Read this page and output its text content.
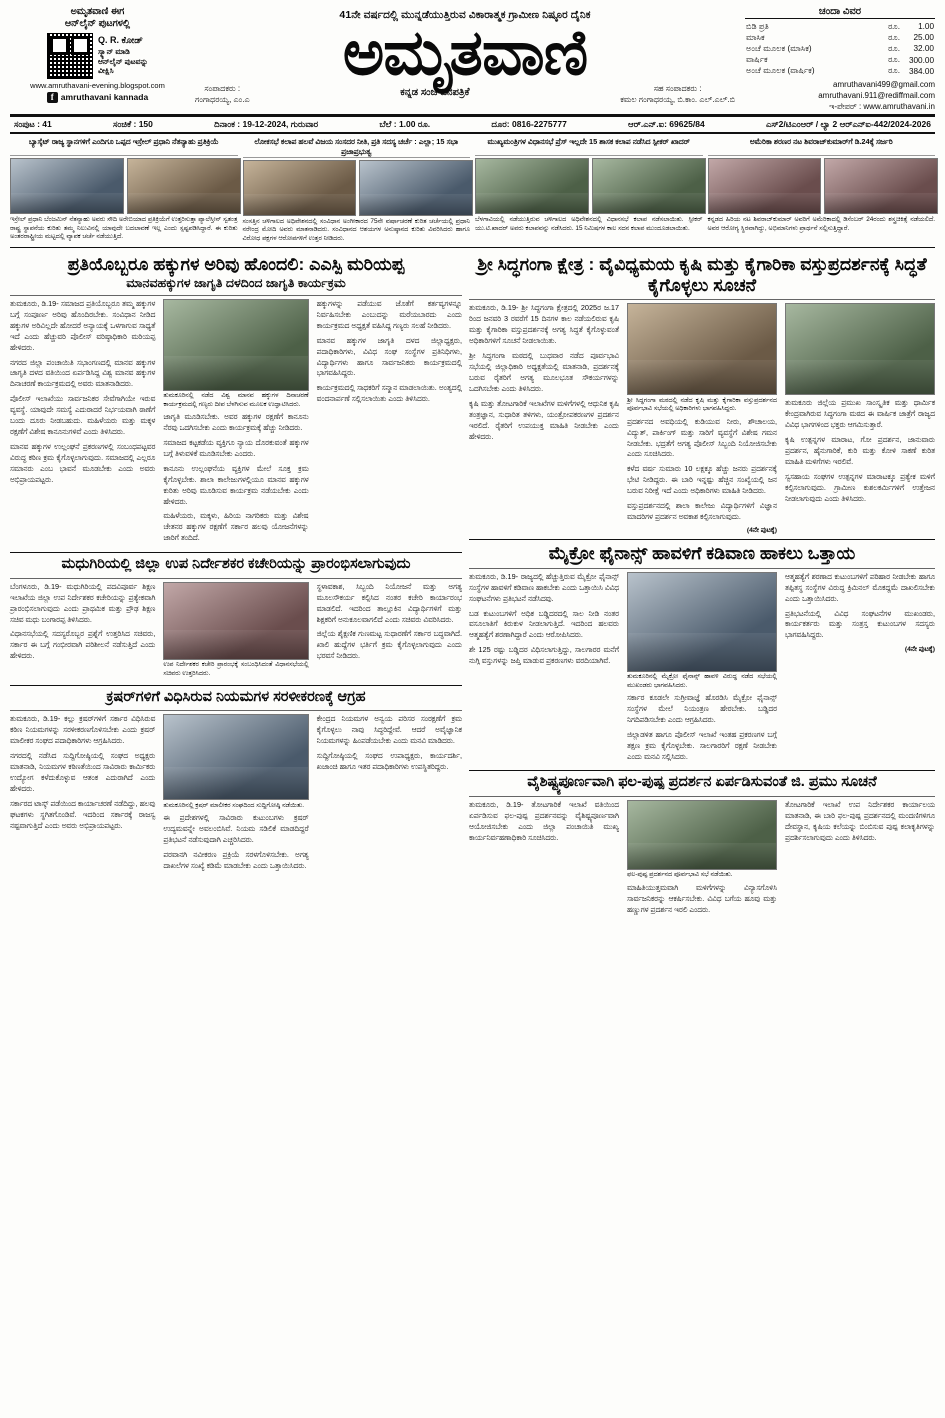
ಅಮೃತವಾಣಿ ಈಗ
ಆನ್‌ಲೈನ್ ಪುಟಗಳಲ್ಲಿ
Q. R. ಕೋಡ್
ಸ್ಕ್ಯಾನ್ ಮಾಡಿ
ಆನ್‌ಲೈನ್ ಪುಟವನ್ನು
ವೀಕ್ಷಿಸಿ
www.amruthavani-evening.blogspot.com
f amruthavani kannada
41ನೇ ವರ್ಷದಲ್ಲಿ ಮುನ್ನಡೆಯುತ್ತಿರುವ ವಿಕಾರಾತ್ಮಕ ಗ್ರಾಮೀಣ ನಿಷ್ಠೂರ ದೈನಿಕ
ಅಮೃತವಾಣಿ
ಸಂಪಾದಕರು :
ಗಂಗಾಧರಯ್ಯ, ಎಂ.ಎ
ಕನ್ನಡ ಸಂಜೆ ದಿನಪತ್ರಿಕೆ	ಸಹ ಸಂಪಾದಕರು :
ಕಮಲ ಗಂಗಾಧರಯ್ಯ, ಬಿ.ಕಾಂ. ಎಲ್.ಎಲ್.ಬಿ
ಚಂದಾ ವಿವರ
ಬಿಡಿ ಪ್ರತಿ	ರೂ.	1.00
ಮಾಸಿಕ	ರೂ.	25.00
ಅಂಚೆ ಮೂಲಕ (ಮಾಸಿಕ)	ರೂ.	32.00
ವಾರ್ಷಿಕ	ರೂ.	300.00
ಅಂಚೆ ಮೂಲಕ (ವಾರ್ಷಿಕ)	ರೂ.	384.00
amruthavani499@gmail.com
amruthavani.911@rediffmail.com
ಇ-ಪೇಪರ್ : www.amruthavani.in
ಸಂಪುಟ : 41	ಸಂಚಿಕೆ : 150	ದಿನಾಂಕ : 19-12-2024, ಗುರುವಾರ	ಬೆಲೆ : 1.00 ರೂ.	ದೂರ: 0816-2275777	ಆರ್.ಎನ್.ಐ: 69625/84	ಎಸ್‌2/ಟಿಎಂಆರ್ / ಲ್ಯಾ 2 ಆರ್‌ಎನ್‌ಐ-442/2024-2026
ಬ್ಯಾಸ್ಕೆಟ್ ರಾಜ್ಯ ಸ್ಥಾನಗಳಿಗೆ ಎಂದಿಗೂ ಒಪ್ಪದ ಇಸ್ರೇಲ್ ಪ್ರಧಾನಿ ನೆತನ್ಯಾಹು ಪ್ರತಿಕ್ರಿಯೆ
ಇಸ್ರೇಲ್ ಪ್ರಧಾನಿ ಬೆಂಜಮಿನ್ ನೆತನ್ಯಾಹು ಅವರು ಸೌದಿ ಅರೇಬಿಯಾದ ಪ್ರತಿಕ್ರಿಯೆಗೆ ಉತ್ತರಿಸುತ್ತಾ ಪ್ಯಾಲೆಸ್ತೀನ್ ಸ್ವತಂತ್ರ ರಾಷ್ಟ್ರ ಸ್ಥಾಪನೆಯ ಕುರಿತು ತಮ್ಮ ನಿಲುವಿನಲ್ಲಿ ಯಾವುದೇ ಬದಲಾವಣೆ ಇಲ್ಲ ಎಂದು ಸ್ಪಷ್ಟಪಡಿಸಿದ್ದಾರೆ. ಈ ಕುರಿತು ಅಂತರರಾಷ್ಟ್ರೀಯ ಮಟ್ಟದಲ್ಲಿ ವ್ಯಾಪಕ ಚರ್ಚೆ ನಡೆಯುತ್ತಿದೆ.
ಲೋಕಸಭೆ ಕಲಾಪ ಹಲವೆ ವಿಜಯ ಸಂಸದರ ನೀತಿ, ಪ್ರತಿ ಸದಸ್ಯ ಚರ್ಚೆ : ಎಲ್ಲಾ; 15 ಸಭಾ ಪ್ರಜಾಪ್ರಭುತ್ವ
ಸಂಸತ್ತಿನ ಚಳಿಗಾಲದ ಅಧಿವೇಶನದಲ್ಲಿ ಸಂವಿಧಾನ ಅಂಗೀಕಾರದ 75ನೇ ವರ್ಷಾಚರಣೆ ಕುರಿತ ಚರ್ಚೆಯಲ್ಲಿ ಪ್ರಧಾನಿ ನರೇಂದ್ರ ಮೋದಿ ಅವರು ಮಾತನಾಡಿದರು. ಸಂವಿಧಾನದ ಆಶಯಗಳ ಅನುಷ್ಠಾನದ ಕುರಿತು ವಿವರಿಸಿದರು ಹಾಗೂ ವಿರೋಧ ಪಕ್ಷಗಳ ಆರೋಪಗಳಿಗೆ ಉತ್ತರ ನೀಡಿದರು.
ಮುಖ್ಯಮಂತ್ರಿಗಳ ವಿಧಾನಸಭೆ ಪ್ರೆಸ್ ಇಲ್ಲದೇ 15 ಶಾಸಕ ಕಲಾಪ ನಡೆಸಿದ ಸ್ಪೀಕರ್ ಖಾದರ್
ಬೆಳಗಾವಿಯಲ್ಲಿ ನಡೆಯುತ್ತಿರುವ ಚಳಿಗಾಲದ ಅಧಿವೇಶನದಲ್ಲಿ ವಿಧಾನಸಭೆ ಕಲಾಪ ನಡೆಸಲಾಯಿತು. ಸ್ಪೀಕರ್ ಯು.ಟಿ.ಖಾದರ್ ಅವರು ಕಲಾಪವನ್ನು ನಡೆಸಿದರು. 15 ನಿಮಿಷಗಳ ಕಾಲ ಸದನ ಕಲಾಪ ಮುಂದೂಡಲಾಯಿತು.
ಅಮೆರಿಕಾ ಶರಣರ ನಟ ಶಿವರಾಜ್‌ಕುಮಾರ್‌ಗೆ ಡಿ.24ಕ್ಕೆ ಸರ್ಜರಿ
ಕನ್ನಡದ ಹಿರಿಯ ನಟ ಶಿವರಾಜ್‌ಕುಮಾರ್ ಅವರಿಗೆ ಅಮೆರಿಕಾದಲ್ಲಿ ಡಿಸೆಂಬರ್ 24ರಂದು ಶಸ್ತ್ರಚಿಕಿತ್ಸೆ ನಡೆಯಲಿದೆ. ಅವರ ಆರೋಗ್ಯ ಸ್ಥಿರವಾಗಿದ್ದು, ಅಭಿಮಾನಿಗಳು ಪ್ರಾರ್ಥನೆ ಸಲ್ಲಿಸುತ್ತಿದ್ದಾರೆ.
ಪ್ರತಿಯೊಬ್ಬರೂ ಹಕ್ಕುಗಳ ಅರಿವು ಹೊಂದಲಿ: ಎಎಸ್ಪಿ ಮರಿಯಪ್ಪ
ಮಾನವಹಕ್ಕುಗಳ ಜಾಗೃತಿ ದಳದಿಂದ ಜಾಗೃತಿ ಕಾರ್ಯಕ್ರಮ

ತುಮಕೂರು, ಡಿ.19- ಸಮಾಜದ ಪ್ರತಿಯೊಬ್ಬರೂ ತಮ್ಮ ಹಕ್ಕುಗಳ ಬಗ್ಗೆ ಸಂಪೂರ್ಣ ಅರಿವು ಹೊಂದಿರಬೇಕು. ಸಂವಿಧಾನ ನೀಡಿದ ಹಕ್ಕುಗಳ ಅರಿವಿಲ್ಲದೇ ಹೋದರೆ ಅನ್ಯಾಯಕ್ಕೆ ಒಳಗಾಗುವ ಸಾಧ್ಯತೆ ಇದೆ ಎಂದು ಹೆಚ್ಚುವರಿ ಪೊಲೀಸ್ ವರಿಷ್ಠಾಧಿಕಾರಿ ಮರಿಯಪ್ಪ ಹೇಳಿದರು.

ನಗರದ ಜಿಲ್ಲಾ ಪಂಚಾಯಿತಿ ಸಭಾಂಗಣದಲ್ಲಿ ಮಾನವ ಹಕ್ಕುಗಳ ಜಾಗೃತಿ ದಳದ ವತಿಯಿಂದ ಏರ್ಪಡಿಸಿದ್ದ ವಿಶ್ವ ಮಾನವ ಹಕ್ಕುಗಳ ದಿನಾಚರಣೆ ಕಾರ್ಯಕ್ರಮದಲ್ಲಿ ಅವರು ಮಾತನಾಡಿದರು.

ಪೊಲೀಸ್ ಇಲಾಖೆಯು ಸಾರ್ವಜನಿಕರ ಸೇವೆಗಾಗಿಯೇ ಇರುವ ವ್ಯವಸ್ಥೆ. ಯಾವುದೇ ಸಮಸ್ಯೆ ಎದುರಾದರೆ ನಿರ್ಭಯವಾಗಿ ಠಾಣೆಗೆ ಬಂದು ದೂರು ನೀಡಬಹುದು. ಮಹಿಳೆಯರು ಮತ್ತು ಮಕ್ಕಳ ರಕ್ಷಣೆಗೆ ವಿಶೇಷ ಕಾನೂನುಗಳಿವೆ ಎಂದು ತಿಳಿಸಿದರು.

ಮಾನವ ಹಕ್ಕುಗಳ ಉಲ್ಲಂಘನೆ ಪ್ರಕರಣಗಳಲ್ಲಿ ಸಂಬಂಧಪಟ್ಟವರ ವಿರುದ್ಧ ಕಠಿಣ ಕ್ರಮ ಕೈಗೊಳ್ಳಲಾಗುವುದು. ಸಮಾಜದಲ್ಲಿ ಎಲ್ಲರೂ ಸಮಾನರು ಎಂಬ ಭಾವನೆ ಮೂಡಬೇಕು ಎಂದು ಅವರು ಅಭಿಪ್ರಾಯಪಟ್ಟರು.

ತುಮಕೂರಿನಲ್ಲಿ ನಡೆದ ವಿಶ್ವ ಮಾನವ ಹಕ್ಕುಗಳ ದಿನಾಚರಣೆ ಕಾರ್ಯಕ್ರಮದಲ್ಲಿ ಗಣ್ಯರು ದೀಪ ಬೆಳಗಿಸುವ ಮೂಲಕ ಉದ್ಘಾಟಿಸಿದರು.

ಜಾಗೃತಿ ಮೂಡಿಸಬೇಕು. ಅವರ ಹಕ್ಕುಗಳ ರಕ್ಷಣೆಗೆ ಕಾನೂನು ನೆರವು ಒದಗಿಸಬೇಕು ಎಂದು ಕಾರ್ಯಕ್ರಮಕ್ಕೆ ಹೆಚ್ಚು ನೀಡಿದರು.

ಸಮಾಜದ ಕಟ್ಟಕಡೆಯ ವ್ಯಕ್ತಿಗೂ ನ್ಯಾಯ ದೊರಕುವಂತೆ ಹಕ್ಕುಗಳ ಬಗ್ಗೆ ತಿಳುವಳಿಕೆ ಮೂಡಿಸಬೇಕು ಎಂದರು.

ಕಾನೂನು ಉಲ್ಲಂಘನೆಯ ವ್ಯಕ್ತಿಗಳ ಮೇಲೆ ಸೂಕ್ತ ಕ್ರಮ ಕೈಗೊಳ್ಳಬೇಕು. ಶಾಲಾ ಕಾಲೇಜುಗಳಲ್ಲಿಯೂ ಮಾನವ ಹಕ್ಕುಗಳ ಕುರಿತು ಅರಿವು ಮೂಡಿಸುವ ಕಾರ್ಯಕ್ರಮ ನಡೆಯಬೇಕು ಎಂದು ಹೇಳಿದರು.

ಮಹಿಳೆಯರು, ಮಕ್ಕಳು, ಹಿರಿಯ ನಾಗರಿಕರು ಮತ್ತು ವಿಶೇಷ ಚೇತನರ ಹಕ್ಕುಗಳ ರಕ್ಷಣೆಗೆ ಸರ್ಕಾರ ಹಲವು ಯೋಜನೆಗಳನ್ನು ಜಾರಿಗೆ ತಂದಿದೆ.

ಹಕ್ಕುಗಳನ್ನು ಪಡೆಯುವ ಜೊತೆಗೆ ಕರ್ತವ್ಯಗಳನ್ನೂ ನಿರ್ವಹಿಸಬೇಕು ಎಂಬುದನ್ನು ಮರೆಯಬಾರದು ಎಂದು ಕಾರ್ಯಕ್ರಮದ ಅಧ್ಯಕ್ಷತೆ ವಹಿಸಿದ್ದ ಗಣ್ಯರು ಸಲಹೆ ನೀಡಿದರು.

ಮಾನವ ಹಕ್ಕುಗಳ ಜಾಗೃತಿ ದಳದ ಜಿಲ್ಲಾಧ್ಯಕ್ಷರು, ಪದಾಧಿಕಾರಿಗಳು, ವಿವಿಧ ಸಂಘ ಸಂಸ್ಥೆಗಳ ಪ್ರತಿನಿಧಿಗಳು, ವಿದ್ಯಾರ್ಥಿಗಳು ಹಾಗೂ ಸಾರ್ವಜನಿಕರು ಕಾರ್ಯಕ್ರಮದಲ್ಲಿ ಭಾಗವಹಿಸಿದ್ದರು.

ಕಾರ್ಯಕ್ರಮದಲ್ಲಿ ಸಾಧಕರಿಗೆ ಸನ್ಮಾನ ಮಾಡಲಾಯಿತು. ಅಂತ್ಯದಲ್ಲಿ ವಂದನಾರ್ಪಣೆ ಸಲ್ಲಿಸಲಾಯಿತು ಎಂದು ತಿಳಿಸಿದರು.

ಮಧುಗಿರಿಯಲ್ಲಿ ಜಿಲ್ಲಾ ಉಪ ನಿರ್ದೇಶಕರ ಕಚೇರಿಯನ್ನು ಪ್ರಾರಂಭಿಸಲಾಗುವುದು

ಬೆಂಗಳೂರು, ಡಿ.19- ಮಧುಗಿರಿಯಲ್ಲಿ ಪದವಿಪೂರ್ವ ಶಿಕ್ಷಣ ಇಲಾಖೆಯ ಜಿಲ್ಲಾ ಉಪ ನಿರ್ದೇಶಕರ ಕಚೇರಿಯನ್ನು ಪ್ರತ್ಯೇಕವಾಗಿ ಪ್ರಾರಂಭಿಸಲಾಗುವುದು ಎಂದು ಪ್ರಾಥಮಿಕ ಮತ್ತು ಪ್ರೌಢ ಶಿಕ್ಷಣ ಸಚಿವ ಮಧು ಬಂಗಾರಪ್ಪ ತಿಳಿಸಿದರು.

ವಿಧಾನಸಭೆಯಲ್ಲಿ ಸದಸ್ಯರೊಬ್ಬರ ಪ್ರಶ್ನೆಗೆ ಉತ್ತರಿಸಿದ ಸಚಿವರು, ಸರ್ಕಾರ ಈ ಬಗ್ಗೆ ಗಂಭೀರವಾಗಿ ಪರಿಶೀಲನೆ ನಡೆಸುತ್ತಿದೆ ಎಂದು ಹೇಳಿದರು.

ಉಪ ನಿರ್ದೇಶಕರ ಕಚೇರಿ ಪ್ರಾರಂಭಕ್ಕೆ ಸಂಬಂಧಿಸಿದಂತೆ ವಿಧಾನಸಭೆಯಲ್ಲಿ ಸಚಿವರು ಉತ್ತರಿಸಿದರು.

ಸ್ಥಳಾವಕಾಶ, ಸಿಬ್ಬಂದಿ ನಿಯೋಜನೆ ಮತ್ತು ಅಗತ್ಯ ಮೂಲಸೌಕರ್ಯ ಕಲ್ಪಿಸಿದ ನಂತರ ಕಚೇರಿ ಕಾರ್ಯಾರಂಭ ಮಾಡಲಿದೆ. ಇದರಿಂದ ತಾಲ್ಲೂಕಿನ ವಿದ್ಯಾರ್ಥಿಗಳಿಗೆ ಮತ್ತು ಶಿಕ್ಷಕರಿಗೆ ಅನುಕೂಲವಾಗಲಿದೆ ಎಂದು ಸಚಿವರು ವಿವರಿಸಿದರು.

ಜಿಲ್ಲೆಯ ಶೈಕ್ಷಣಿಕ ಗುಣಮಟ್ಟ ಸುಧಾರಣೆಗೆ ಸರ್ಕಾರ ಬದ್ಧವಾಗಿದೆ. ಖಾಲಿ ಹುದ್ದೆಗಳ ಭರ್ತಿಗೆ ಕ್ರಮ ಕೈಗೊಳ್ಳಲಾಗುವುದು ಎಂದು ಭರವಸೆ ನೀಡಿದರು.

ಕ್ರಷರ್‌ಗಳಿಗೆ ವಿಧಿಸಿರುವ ನಿಯಮಗಳ ಸರಳೀಕರಣಕ್ಕೆ ಆಗ್ರಹ

ತುಮಕೂರು, ಡಿ.19- ಕಲ್ಲು ಕ್ರಷರ್‌ಗಳಿಗೆ ಸರ್ಕಾರ ವಿಧಿಸಿರುವ ಕಠಿಣ ನಿಯಮಗಳನ್ನು ಸರಳೀಕರಣಗೊಳಿಸಬೇಕು ಎಂದು ಕ್ರಷರ್ ಮಾಲೀಕರ ಸಂಘದ ಪದಾಧಿಕಾರಿಗಳು ಆಗ್ರಹಿಸಿದರು.

ನಗರದಲ್ಲಿ ನಡೆಸಿದ ಸುದ್ದಿಗೋಷ್ಠಿಯಲ್ಲಿ ಸಂಘದ ಅಧ್ಯಕ್ಷರು ಮಾತನಾಡಿ, ನಿಯಮಗಳ ಕಠಿಣತೆಯಿಂದ ಸಾವಿರಾರು ಕಾರ್ಮಿಕರು ಉದ್ಯೋಗ ಕಳೆದುಕೊಳ್ಳುವ ಆತಂಕ ಎದುರಾಗಿದೆ ಎಂದು ಹೇಳಿದರು.

ಸರ್ಕಾರದ ಟಾಸ್ಕ್ ಪಡೆಯಿಂದ ಕಾರ್ಯಾಚರಣೆ ನಡೆದಿದ್ದು, ಹಲವು ಘಟಕಗಳು ಸ್ಥಗಿತಗೊಂಡಿವೆ. ಇದರಿಂದ ಸರ್ಕಾರಕ್ಕೆ ರಾಜಸ್ವ ನಷ್ಟವಾಗುತ್ತಿದೆ ಎಂದು ಅವರು ಅಭಿಪ್ರಾಯಪಟ್ಟರು.

ತುಮಕೂರಿನಲ್ಲಿ ಕ್ರಷರ್ ಮಾಲೀಕರ ಸಂಘದಿಂದ ಸುದ್ದಿಗೋಷ್ಠಿ ನಡೆಯಿತು.

ಈ ಪ್ರದೇಶಗಳಲ್ಲಿ ಸಾವಿರಾರು ಕುಟುಂಬಗಳು ಕ್ರಷರ್ ಉದ್ಯಮವನ್ನೇ ಅವಲಂಬಿಸಿವೆ. ನಿಯಮ ಸಡಿಲಿಕೆ ಮಾಡದಿದ್ದರೆ ಪ್ರತಿಭಟನೆ ನಡೆಸುವುದಾಗಿ ಎಚ್ಚರಿಸಿದರು.

ಪರವಾನಗಿ ನವೀಕರಣ ಪ್ರಕ್ರಿಯೆ ಸರಳಗೊಳಿಸಬೇಕು. ಅಗತ್ಯ ದಾಖಲೆಗಳ ಸಂಖ್ಯೆ ಕಡಿಮೆ ಮಾಡಬೇಕು ಎಂದು ಒತ್ತಾಯಿಸಿದರು.

ಕೇಂದ್ರದ ನಿಯಮಗಳ ಅನ್ವಯ ಪರಿಸರ ಸಂರಕ್ಷಣೆಗೆ ಕ್ರಮ ಕೈಗೊಳ್ಳಲು ನಾವು ಸಿದ್ಧರಿದ್ದೇವೆ. ಆದರೆ ಅವೈಜ್ಞಾನಿಕ ನಿಯಮಗಳನ್ನು ಹಿಂಪಡೆಯಬೇಕು ಎಂದು ಮನವಿ ಮಾಡಿದರು.

ಸುದ್ದಿಗೋಷ್ಠಿಯಲ್ಲಿ ಸಂಘದ ಉಪಾಧ್ಯಕ್ಷರು, ಕಾರ್ಯದರ್ಶಿ, ಖಜಾಂಚಿ ಹಾಗೂ ಇತರ ಪದಾಧಿಕಾರಿಗಳು ಉಪಸ್ಥಿತರಿದ್ದರು.

ಶ್ರೀ ಸಿದ್ಧಗಂಗಾ ಕ್ಷೇತ್ರ : ವೈವಿಧ್ಯಮಯ ಕೃಷಿ ಮತ್ತು ಕೈಗಾರಿಕಾ ವಸ್ತುಪ್ರದರ್ಶನಕ್ಕೆ ಸಿದ್ಧತೆ ಕೈಗೊಳ್ಳಲು ಸೂಚನೆ

ತುಮಕೂರು, ಡಿ.19- ಶ್ರೀ ಸಿದ್ಧಗಂಗಾ ಕ್ಷೇತ್ರದಲ್ಲಿ 2025ರ ಜ.17 ರಿಂದ ಜನವರಿ 3 ರವರೆಗೆ 15 ದಿನಗಳ ಕಾಲ ನಡೆಯಲಿರುವ ಕೃಷಿ ಮತ್ತು ಕೈಗಾರಿಕಾ ವಸ್ತುಪ್ರದರ್ಶನಕ್ಕೆ ಅಗತ್ಯ ಸಿದ್ಧತೆ ಕೈಗೊಳ್ಳುವಂತೆ ಅಧಿಕಾರಿಗಳಿಗೆ ಸೂಚನೆ ನೀಡಲಾಯಿತು.

ಶ್ರೀ ಸಿದ್ಧಗಂಗಾ ಮಠದಲ್ಲಿ ಬುಧವಾರ ನಡೆದ ಪೂರ್ವಭಾವಿ ಸಭೆಯಲ್ಲಿ ಜಿಲ್ಲಾಧಿಕಾರಿ ಅಧ್ಯಕ್ಷತೆಯಲ್ಲಿ ಮಾತನಾಡಿ, ಪ್ರದರ್ಶನಕ್ಕೆ ಬರುವ ರೈತರಿಗೆ ಅಗತ್ಯ ಮೂಲಭೂತ ಸೌಕರ್ಯಗಳನ್ನು ಒದಗಿಸಬೇಕು ಎಂದು ತಿಳಿಸಿದರು.

ಕೃಷಿ ಮತ್ತು ತೋಟಗಾರಿಕೆ ಇಲಾಖೆಗಳ ಮಳಿಗೆಗಳಲ್ಲಿ ಆಧುನಿಕ ಕೃಷಿ ತಂತ್ರಜ್ಞಾನ, ಸುಧಾರಿತ ತಳಿಗಳು, ಯಂತ್ರೋಪಕರಣಗಳ ಪ್ರದರ್ಶನ ಇರಲಿದೆ. ರೈತರಿಗೆ ಉಪಯುಕ್ತ ಮಾಹಿತಿ ನೀಡಬೇಕು ಎಂದು ಹೇಳಿದರು.

ಶ್ರೀ ಸಿದ್ಧಗಂಗಾ ಮಠದಲ್ಲಿ ನಡೆದ ಕೃಷಿ ಮತ್ತು ಕೈಗಾರಿಕಾ ವಸ್ತುಪ್ರದರ್ಶನದ ಪೂರ್ವಭಾವಿ ಸಭೆಯಲ್ಲಿ ಅಧಿಕಾರಿಗಳು ಭಾಗವಹಿಸಿದ್ದರು.

ಪ್ರದರ್ಶನದ ಅವಧಿಯಲ್ಲಿ ಕುಡಿಯುವ ನೀರು, ಶೌಚಾಲಯ, ವಿದ್ಯುತ್, ಪಾರ್ಕಿಂಗ್ ಮತ್ತು ಸಾರಿಗೆ ವ್ಯವಸ್ಥೆಗೆ ವಿಶೇಷ ಗಮನ ನೀಡಬೇಕು. ಭದ್ರತೆಗೆ ಅಗತ್ಯ ಪೊಲೀಸ್ ಸಿಬ್ಬಂದಿ ನಿಯೋಜಿಸಬೇಕು ಎಂದು ಸೂಚಿಸಿದರು.

ಕಳೆದ ವರ್ಷ ಸುಮಾರು 10 ಲಕ್ಷಕ್ಕೂ ಹೆಚ್ಚು ಜನರು ಪ್ರದರ್ಶನಕ್ಕೆ ಭೇಟಿ ನೀಡಿದ್ದರು. ಈ ಬಾರಿ ಇನ್ನಷ್ಟು ಹೆಚ್ಚಿನ ಸಂಖ್ಯೆಯಲ್ಲಿ ಜನ ಬರುವ ನಿರೀಕ್ಷೆ ಇದೆ ಎಂದು ಅಧಿಕಾರಿಗಳು ಮಾಹಿತಿ ನೀಡಿದರು.

ವಸ್ತುಪ್ರದರ್ಶನದಲ್ಲಿ ಶಾಲಾ ಕಾಲೇಜು ವಿದ್ಯಾರ್ಥಿಗಳಿಗೆ ವಿಜ್ಞಾನ ಮಾದರಿಗಳ ಪ್ರದರ್ಶನ ಅವಕಾಶ ಕಲ್ಪಿಸಲಾಗುವುದು.

(4ನೇ ಪುಟಕ್ಕೆ)

ತುಮಕೂರು ಜಿಲ್ಲೆಯ ಪ್ರಮುಖ ಸಾಂಸ್ಕೃತಿಕ ಮತ್ತು ಧಾರ್ಮಿಕ ಕೇಂದ್ರವಾಗಿರುವ ಸಿದ್ಧಗಂಗಾ ಮಠದ ಈ ವಾರ್ಷಿಕ ಜಾತ್ರೆಗೆ ರಾಜ್ಯದ ವಿವಿಧ ಭಾಗಗಳಿಂದ ಭಕ್ತರು ಆಗಮಿಸುತ್ತಾರೆ.

ಕೃಷಿ ಉತ್ಪನ್ನಗಳ ಮಾರಾಟ, ಗೋ ಪ್ರದರ್ಶನ, ಜಾನುವಾರು ಪ್ರದರ್ಶನ, ಹೈನುಗಾರಿಕೆ, ಕುರಿ ಮತ್ತು ಕೋಳಿ ಸಾಕಣೆ ಕುರಿತ ಮಾಹಿತಿ ಮಳಿಗೆಗಳು ಇರಲಿವೆ.

ಸ್ವಸಹಾಯ ಸಂಘಗಳ ಉತ್ಪನ್ನಗಳ ಮಾರಾಟಕ್ಕೂ ಪ್ರತ್ಯೇಕ ಮಳಿಗೆ ಕಲ್ಪಿಸಲಾಗುವುದು. ಗ್ರಾಮೀಣ ಕುಶಲಕರ್ಮಿಗಳಿಗೆ ಉತ್ತೇಜನ ನೀಡಲಾಗುವುದು ಎಂದು ತಿಳಿಸಿದರು.

ಮೈಕ್ರೋ ಫೈನಾನ್ಸ್ ಹಾವಳಿಗೆ ಕಡಿವಾಣ ಹಾಕಲು ಒತ್ತಾಯ

ತುಮಕೂರು, ಡಿ.19- ರಾಜ್ಯದಲ್ಲಿ ಹೆಚ್ಚುತ್ತಿರುವ ಮೈಕ್ರೋ ಫೈನಾನ್ಸ್ ಸಂಸ್ಥೆಗಳ ಹಾವಳಿಗೆ ಕಡಿವಾಣ ಹಾಕಬೇಕು ಎಂದು ಒತ್ತಾಯಿಸಿ ವಿವಿಧ ಸಂಘಟನೆಗಳು ಪ್ರತಿಭಟನೆ ನಡೆಸಿದವು.

ಬಡ ಕುಟುಂಬಗಳಿಗೆ ಅಧಿಕ ಬಡ್ಡಿದರದಲ್ಲಿ ಸಾಲ ನೀಡಿ ನಂತರ ವಸೂಲಾತಿಗೆ ಕಿರುಕುಳ ನೀಡಲಾಗುತ್ತಿದೆ. ಇದರಿಂದ ಹಲವರು ಆತ್ಮಹತ್ಯೆಗೆ ಶರಣಾಗಿದ್ದಾರೆ ಎಂದು ಆರೋಪಿಸಿದರು.

ಶೇ 125 ರಷ್ಟು ಬಡ್ಡಿದರ ವಿಧಿಸಲಾಗುತ್ತಿದ್ದು, ಸಾಲಗಾರರ ಮನೆಗೆ ನುಗ್ಗಿ ವಸ್ತುಗಳನ್ನು ಜಪ್ತಿ ಮಾಡುವ ಪ್ರಕರಣಗಳು ವರದಿಯಾಗಿವೆ.

ತುಮಕೂರಿನಲ್ಲಿ ಮೈಕ್ರೋ ಫೈನಾನ್ಸ್ ಹಾವಳಿ ವಿರುದ್ಧ ನಡೆದ ಸಭೆಯಲ್ಲಿ ಮುಖಂಡರು ಭಾಗವಹಿಸಿದರು.

ಸರ್ಕಾರ ಕೂಡಲೇ ಸುಗ್ರೀವಾಜ್ಞೆ ಹೊರಡಿಸಿ ಮೈಕ್ರೋ ಫೈನಾನ್ಸ್ ಸಂಸ್ಥೆಗಳ ಮೇಲೆ ನಿಯಂತ್ರಣ ಹೇರಬೇಕು. ಬಡ್ಡಿದರ ನಿಗದಿಪಡಿಸಬೇಕು ಎಂದು ಆಗ್ರಹಿಸಿದರು.

ಜಿಲ್ಲಾಡಳಿತ ಹಾಗೂ ಪೊಲೀಸ್ ಇಲಾಖೆ ಇಂತಹ ಪ್ರಕರಣಗಳ ಬಗ್ಗೆ ತಕ್ಷಣ ಕ್ರಮ ಕೈಗೊಳ್ಳಬೇಕು. ಸಾಲಗಾರರಿಗೆ ರಕ್ಷಣೆ ನೀಡಬೇಕು ಎಂದು ಮನವಿ ಸಲ್ಲಿಸಿದರು.

ಆತ್ಮಹತ್ಯೆಗೆ ಶರಣಾದ ಕುಟುಂಬಗಳಿಗೆ ಪರಿಹಾರ ನೀಡಬೇಕು ಹಾಗೂ ತಪ್ಪಿತಸ್ಥ ಸಂಸ್ಥೆಗಳ ವಿರುದ್ಧ ಕ್ರಿಮಿನಲ್ ಮೊಕದ್ದಮೆ ದಾಖಲಿಸಬೇಕು ಎಂದು ಒತ್ತಾಯಿಸಿದರು.

ಪ್ರತಿಭಟನೆಯಲ್ಲಿ ವಿವಿಧ ಸಂಘಟನೆಗಳ ಮುಖಂಡರು, ಕಾರ್ಯಕರ್ತರು ಮತ್ತು ಸಂತ್ರಸ್ತ ಕುಟುಂಬಗಳ ಸದಸ್ಯರು ಭಾಗವಹಿಸಿದ್ದರು.

(4ನೇ ಪುಟಕ್ಕೆ)
ವೈಶಿಷ್ಟ್ಯಪೂರ್ಣವಾಗಿ ಫಲ-ಪುಷ್ಪ ಪ್ರದರ್ಶನ ಏರ್ಪಡಿಸುವಂತೆ ಜಿ. ಪ್ರಮು ಸೂಚನೆ

ತುಮಕೂರು, ಡಿ.19- ತೋಟಗಾರಿಕೆ ಇಲಾಖೆ ವತಿಯಿಂದ ಏರ್ಪಡಿಸುವ ಫಲ-ಪುಷ್ಪ ಪ್ರದರ್ಶನವನ್ನು ವೈಶಿಷ್ಟ್ಯಪೂರ್ಣವಾಗಿ ಆಯೋಜಿಸಬೇಕು ಎಂದು ಜಿಲ್ಲಾ ಪಂಚಾಯಿತಿ ಮುಖ್ಯ ಕಾರ್ಯನಿರ್ವಹಣಾಧಿಕಾರಿ ಸೂಚಿಸಿದರು.

ಫಲ-ಪುಷ್ಪ ಪ್ರದರ್ಶನದ ಪೂರ್ವಭಾವಿ ಸಭೆ ನಡೆಯಿತು.

ಮಾಹಿತಿಯುತ್ತಮವಾಗಿ ಮಳಿಗೆಗಳನ್ನು ವಿನ್ಯಾಸಗೊಳಿಸಿ ಸಾರ್ವಜನಿಕರನ್ನು ಆಕರ್ಷಿಸಬೇಕು. ವಿವಿಧ ಬಗೆಯ ಹೂವು ಮತ್ತು ಹಣ್ಣುಗಳ ಪ್ರದರ್ಶನ ಇರಲಿ ಎಂದರು.

ತೋಟಗಾರಿಕೆ ಇಲಾಖೆ ಉಪ ನಿರ್ದೇಶಕರ ಕಾರ್ಯಾಲಯ ಮಾತನಾಡಿ, ಈ ಬಾರಿ ಫಲ-ಪುಷ್ಪ ಪ್ರದರ್ಶನದಲ್ಲಿ ಮಂದಣಿಗಳಿಗೂ ದೇವಸ್ಥಾನ, ಕೃಷಿಯ ಕಲೆಯನ್ನು ಬಿಂಬಿಸುವ ಪುಷ್ಪ ಕಲಾಕೃತಿಗಳನ್ನು ಪ್ರದರ್ಶಿಸಲಾಗುವುದು ಎಂದು ತಿಳಿಸಿದರು.
